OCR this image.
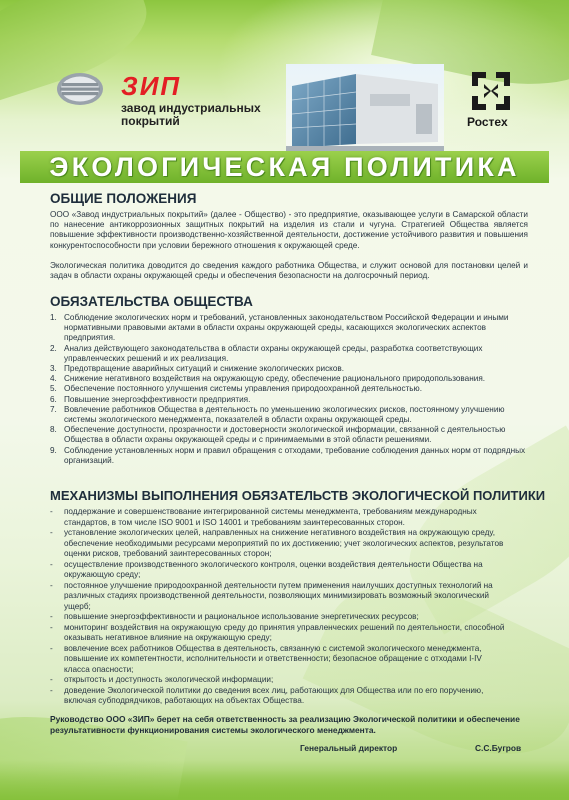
ЗИП
завод индустриальных
покрытий	Ростех
ЭКОЛОГИЧЕСКАЯ ПОЛИТИКА
ОБЩИЕ ПОЛОЖЕНИЯ
ООО «Завод индустриальных покрытий» (далее - Общество) - это предприятие, оказывающее услуги в Самарской области по нанесение антикоррозионных защитных покрытий на изделия из стали и чугуна. Стратегией Общества является повышение эффективности производственно-хозяйственной деятельности, достижение устойчивого развития и повышения конкурентоспособности при условии бережного отношения к окружающей среде.
Экологическая политика доводится до сведения каждого работника Общества, и служит основой для постановки целей и задач в области охраны окружающей среды и обеспечения безопасности на долгосрочный период.
ОБЯЗАТЕЛЬСТВА ОБЩЕСТВА
1. Соблюдение экологических норм и требований, установленных законодательством Российской Федерации и иными нормативными правовыми актами в области охраны окружающей среды, касающихся экологических аспектов предприятия.
2. Анализ действующего законодательства в области охраны окружающей среды, разработка соответствующих управленческих решений и их реализация.
3. Предотвращение аварийных ситуаций и снижение экологических рисков.
4. Снижение негативного воздействия на окружающую среду, обеспечение рационального природопользования.
5. Обеспечение постоянного улучшения системы управления природоохранной деятельностью.
6. Повышение энергоэффективности предприятия.
7. Вовлечение работников Общества в деятельность по уменьшению экологических рисков, постоянному улучшению системы экологического менеджмента, показателей в области охраны окружающей среды.
8. Обеспечение доступности, прозрачности и достоверности экологической информации, связанной с деятельностью Общества в области охраны окружающей среды и с принимаемыми в этой области решениями.
9. Соблюдение установленных норм и правил обращения с отходами, требование соблюдения данных норм от подрядных организаций.
МЕХАНИЗМЫ ВЫПОЛНЕНИЯ ОБЯЗАТЕЛЬСТВ ЭКОЛОГИЧЕСКОЙ ПОЛИТИКИ
- поддержание и совершенствование интегрированной системы менеджмента, требованиям международных стандартов, в том числе ISO 9001 и ISO 14001 и требованиям заинтересованных сторон.
- установление экологических целей, направленных на снижение негативного воздействия на окружающую среду, обеспечение необходимыми ресурсами мероприятий по их достижению; учет экологических аспектов, результатов оценки рисков, требований заинтересованных сторон;
- осуществление производственного экологического контроля, оценки воздействия деятельности Общества на окружающую среду;
- постоянное улучшение природоохранной деятельности путем применения наилучших доступных технологий на различных стадиях производственной деятельности, позволяющих минимизировать возможный экологический ущерб;
- повышение энергоэффективности и рациональное использование энергетических ресурсов;
- мониторинг воздействия на окружающую среду до принятия управленческих решений по деятельности, способной оказывать негативное влияние на окружающую среду;
- вовлечение всех работников Общества в деятельность, связанную с системой экологического менеджмента, повышение их компетентности, исполнительности и ответственности; безопасное обращение с отходами I-IV класса опасности;
- открытость и доступность экологической информации;
- доведение Экологической политики до сведения всех лиц, работающих для Общества или по его поручению, включая субподрядчиков, работающих на объектах Общества.
Руководство ООО «ЗИП» берет на себя ответственность за реализацию Экологической политики и обеспечение результативности функционирования системы экологического менеджмента.
Генеральный директор	С.С.Бугров
